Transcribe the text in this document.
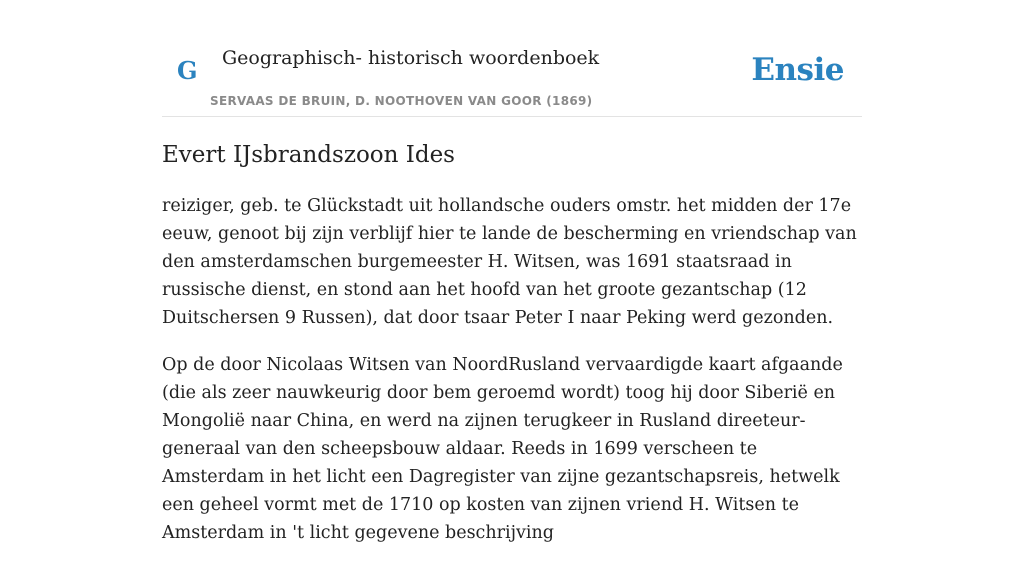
G Geographisch- historisch woordenboek
SERVAAS DE BRUIN, D. NOOTHOVEN VAN GOOR (1869)
Ensie
Evert IJsbrandszoon Ides

reiziger, geb. te Glückstadt uit hollandsche ouders omstr. het midden der 17e eeuw, genoot bij zijn verblijf hier te lande de bescherming en vriendschap van den amsterdamschen burgemeester H. Witsen, was 1691 staatsraad in russische dienst, en stond aan het hoofd van het groote gezantschap (12 Duitschersen 9 Russen), dat door tsaar Peter I naar Peking werd gezonden.

Op de door Nicolaas Witsen van NoordRusland vervaardigde kaart afgaande (die als zeer nauwkeurig door bem geroemd wordt) toog hij door Siberië en Mongolië naar China, en werd na zijnen terugkeer in Rusland direeteur-generaal van den scheepsbouw aldaar. Reeds in 1699 verscheen te Amsterdam in het licht een Dagregister van zijne gezantschapsreis, hetwelk een geheel vormt met de 1710 op kosten van zijnen vriend H. Witsen te Amsterdam in 't licht gegevene beschrijving
